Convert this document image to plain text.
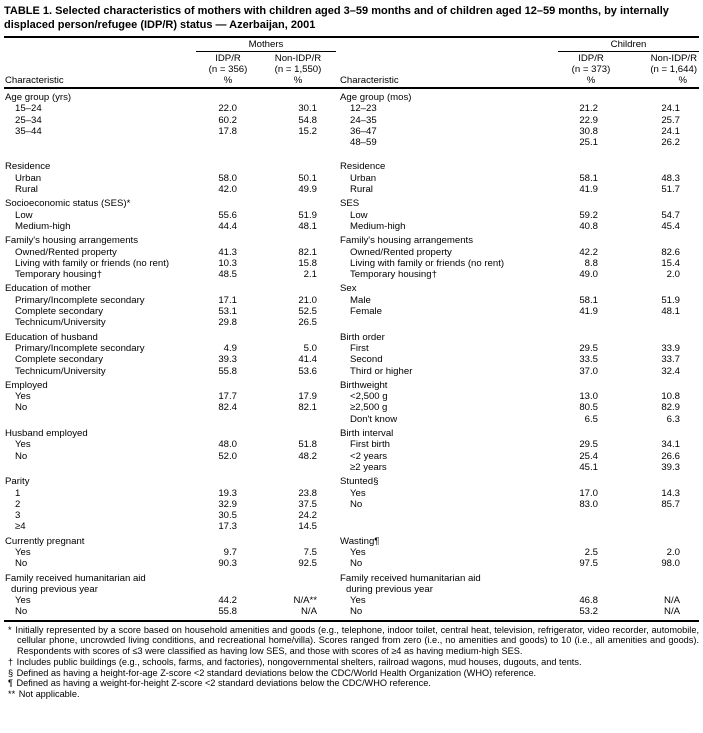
TABLE 1. Selected characteristics of mothers with children aged 3–59 months and of children aged 12–59 months, by internally displaced person/refugee (IDP/R) status — Azerbaijan, 2001
	Mothers			Children	

	IDP/R
(n = 356)	Non-IDP/R
(n = 1,550)		IDP/R
(n = 373)	Non-IDP/R
(n = 1,644)

Characteristic	%	%	Characteristic	%	%
Age group (yrs)			Age group (mos)		
15–24	22.0	30.1	12–23	21.2	24.1
25–34	60.2	54.8	24–35	22.9	25.7
35–44	17.8	15.2	36–47	30.8	24.1
			48–59	25.1	26.2

Residence			Residence		
Urban	58.0	50.1	Urban	58.1	48.3
Rural	42.0	49.9	Rural	41.9	51.7
Socioeconomic status (SES)*			SES		
Low	55.6	51.9	Low	59.2	54.7
Medium-high	44.4	48.1	Medium-high	40.8	45.4
Family's housing arrangements			Family's housing arrangements		
Owned/Rented property	41.3	82.1	Owned/Rented property	42.2	82.6
Living with family or friends (no rent)	10.3	15.8	Living with family or friends (no rent)	8.8	15.4
Temporary housing†	48.5	2.1	Temporary housing†	49.0	2.0
Education of mother			Sex		
Primary/Incomplete secondary	17.1	21.0	Male	58.1	51.9
Complete secondary	53.1	52.5	Female	41.9	48.1
Technicum/University	29.8	26.5			
Education of husband			Birth order		
Primary/Incomplete secondary	4.9	5.0	First	29.5	33.9
Complete secondary	39.3	41.4	Second	33.5	33.7
Technicum/University	55.8	53.6	Third or higher	37.0	32.4
Employed			Birthweight		
Yes	17.7	17.9	<2,500 g	13.0	10.8
No	82.4	82.1	≥2,500 g	80.5	82.9
			Don't know	6.5	6.3
Husband employed			Birth interval		
Yes	48.0	51.8	First birth	29.5	34.1
No	52.0	48.2	<2 years	25.4	26.6
			≥2 years	45.1	39.3
Parity			Stunted§		
1	19.3	23.8	Yes	17.0	14.3
2	32.9	37.5	No	83.0	85.7
3	30.5	24.2			
≥4	17.3	14.5			
Currently pregnant			Wasting¶		
Yes	9.7	7.5	Yes	2.5	2.0
No	90.3	92.5	No	97.5	98.0
Family received humanitarian aid			Family received humanitarian aid		
during previous year			during previous year		
Yes	44.2	N/A**	Yes	46.8	N/A
No	55.8	N/A	No	53.2	N/A
* Initially represented by a score based on household amenities and goods (e.g., telephone, indoor toilet, central heat, television, refrigerator, video recorder, automobile, cellular phone, uncrowded living conditions, and recreational home/villa). Scores ranged from zero (i.e., no amenities and goods) to 10 (i.e., all amenities and goods). Respondents with scores of ≤3 were classified as having low SES, and those with scores of ≥4 as having medium-high SES.
† Includes public buildings (e.g., schools, farms, and factories), nongovernmental shelters, railroad wagons, mud houses, dugouts, and tents.
§ Defined as having a height-for-age Z-score <2 standard deviations below the CDC/World Health Organization (WHO) reference.
¶ Defined as having a weight-for-height Z-score <2 standard deviations below the CDC/WHO reference.
** Not applicable.
